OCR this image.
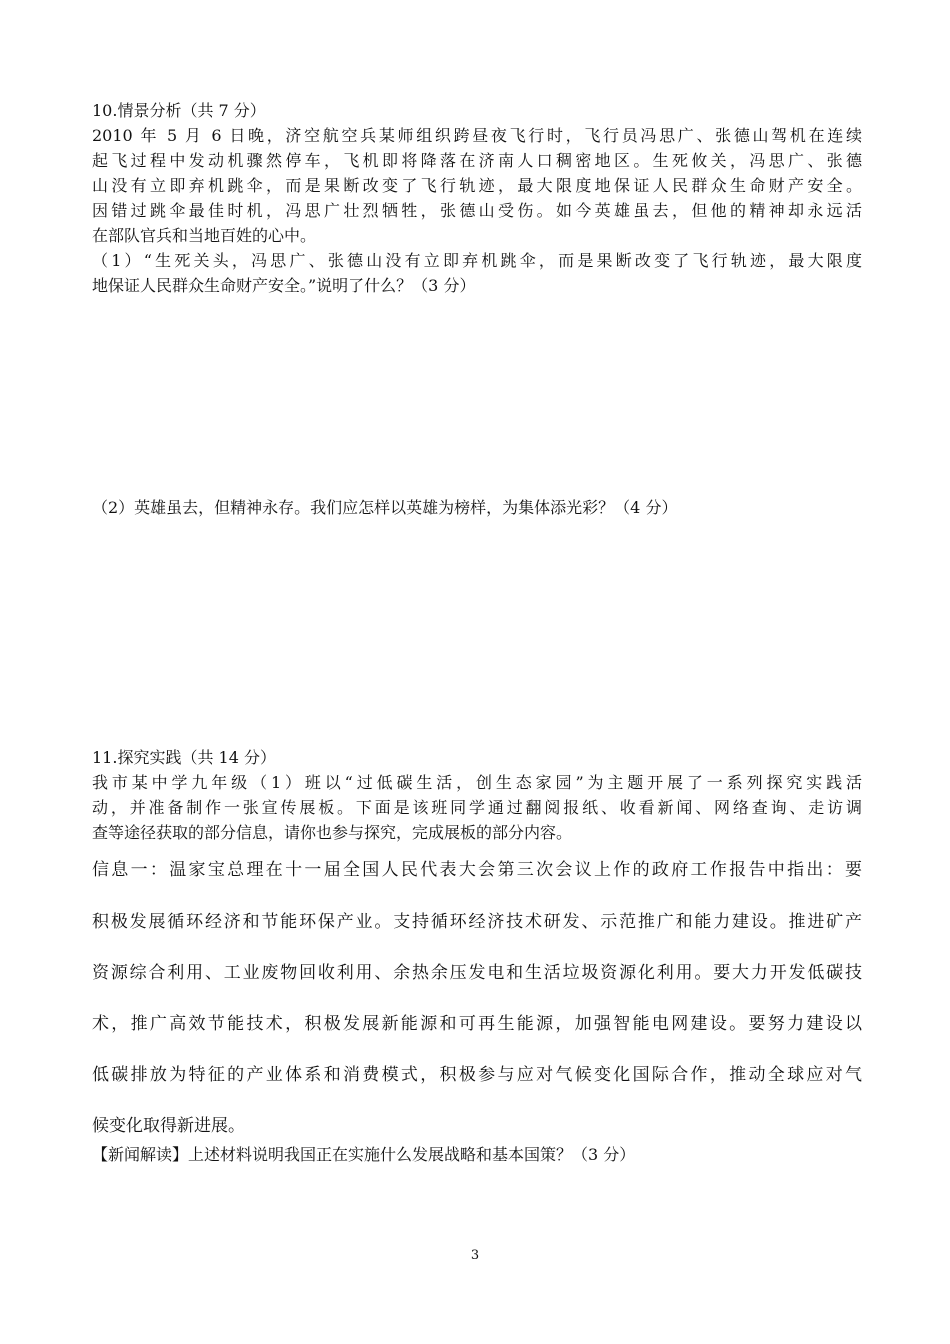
10.情景分析（共 7 分）
2010 年 5 月 6 日晚，济空航空兵某师组织跨昼夜飞行时，飞行员冯思广、张德山驾机在连续
起飞过程中发动机骤然停车，飞机即将降落在济南人口稠密地区。生死攸关，冯思广、张德
山没有立即弃机跳伞，而是果断改变了飞行轨迹，最大限度地保证人民群众生命财产安全。
因错过跳伞最佳时机，冯思广壮烈牺牲，张德山受伤。如今英雄虽去，但他的精神却永远活
在部队官兵和当地百姓的心中。
（1）“生死关头，冯思广、张德山没有立即弃机跳伞，而是果断改变了飞行轨迹，最大限度
地保证人民群众生命财产安全。”说明了什么？（3 分）
（2）英雄虽去，但精神永存。我们应怎样以英雄为榜样，为集体添光彩？（4 分）
11.探究实践（共 14 分）
我市某中学九年级（1）班以“过低碳生活，创生态家园”为主题开展了一系列探究实践活
动，并准备制作一张宣传展板。下面是该班同学通过翻阅报纸、收看新闻、网络查询、走访调
查等途径获取的部分信息，请你也参与探究，完成展板的部分内容。
信息一：温家宝总理在十一届全国人民代表大会第三次会议上作的政府工作报告中指出：要
积极发展循环经济和节能环保产业。支持循环经济技术研发、示范推广和能力建设。推进矿产
资源综合利用、工业废物回收利用、余热余压发电和生活垃圾资源化利用。要大力开发低碳技
术，推广高效节能技术，积极发展新能源和可再生能源，加强智能电网建设。要努力建设以
低碳排放为特征的产业体系和消费模式，积极参与应对气候变化国际合作，推动全球应对气
候变化取得新进展。
【新闻解读】上述材料说明我国正在实施什么发展战略和基本国策？（3 分）
3
